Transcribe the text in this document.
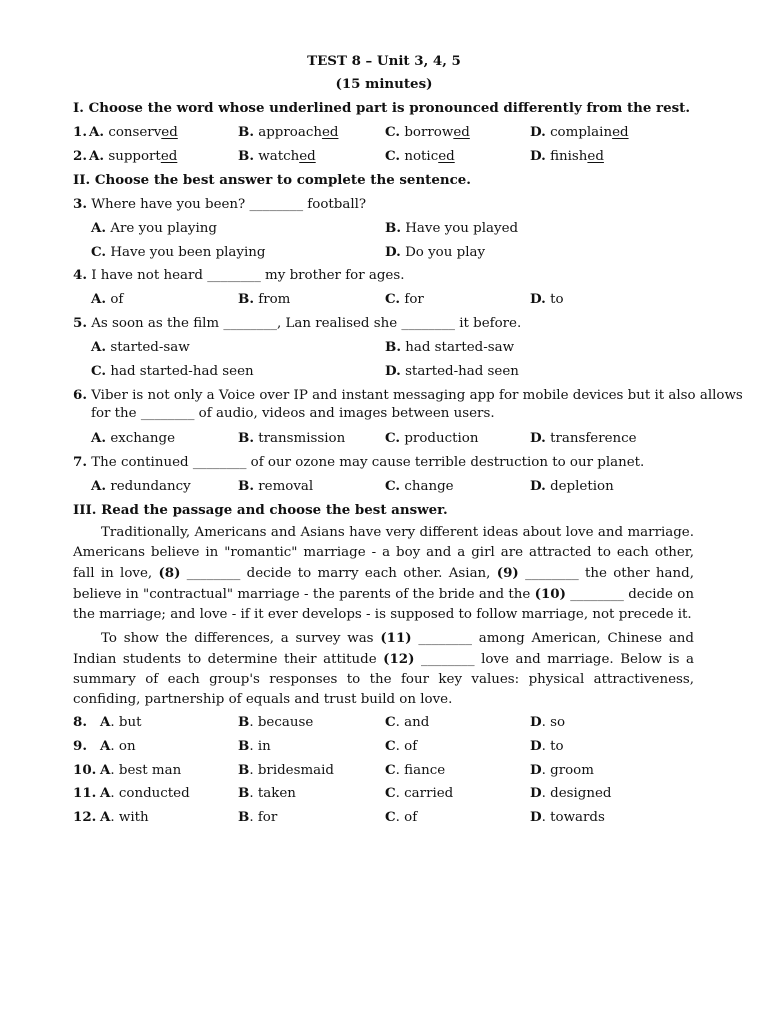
TEST 8 – Unit 3, 4, 5
(15 minutes)
I. Choose the word whose underlined part is pronounced differently from the rest.
1. A. conserved	B. approached	C. borrowed	D. complained
2. A. supported	B. watched	C. noticed	D. finished
II. Choose the best answer to complete the sentence.
3. Where have you been? ________ football?
A. Are you playing	B. Have you played
C. Have you been playing	D. Do you play
4. I have not heard ________ my brother for ages.
A. of	B. from	C. for	D. to
5. As soon as the film ________, Lan realised she ________ it before.
A. started-saw	B. had started-saw
C. had started-had seen	D. started-had seen
6. Viber is not only a Voice over IP and instant messaging app for mobile devices but it also allows
for the ________ of audio, videos and images between users.
A. exchange	B. transmission	C. production	D. transference
7. The continued ________ of our ozone may cause terrible destruction to our planet.
A. redundancy	B. removal	C. change	D. depletion
III. Read the passage and choose the best answer.
Traditionally, Americans and Asians have very different ideas about love and marriage. Americans believe in "romantic" marriage - a boy and a girl are attracted to each other, fall in love, (8) ________ decide to marry each other. Asian, (9) ________ the other hand, believe in "contractual" marriage - the parents of the bride and the (10) ________ decide on the marriage; and love - if it ever develops - is supposed to follow marriage, not precede it.
To show the differences, a survey was (11) ________ among American, Chinese and Indian students to determine their attitude (12) ________ love and marriage. Below is a summary of each group's responses to the four key values: physical attractiveness, confiding, partnership of equals and trust build on love.
8. A. but	B. because	C. and	D. so
9. A. on	B. in	C. of	D. to
10. A. best man	B. bridesmaid	C. fiance	D. groom
11. A. conducted	B. taken	C. carried	D. designed
12. A. with	B. for	C. of	D. towards
